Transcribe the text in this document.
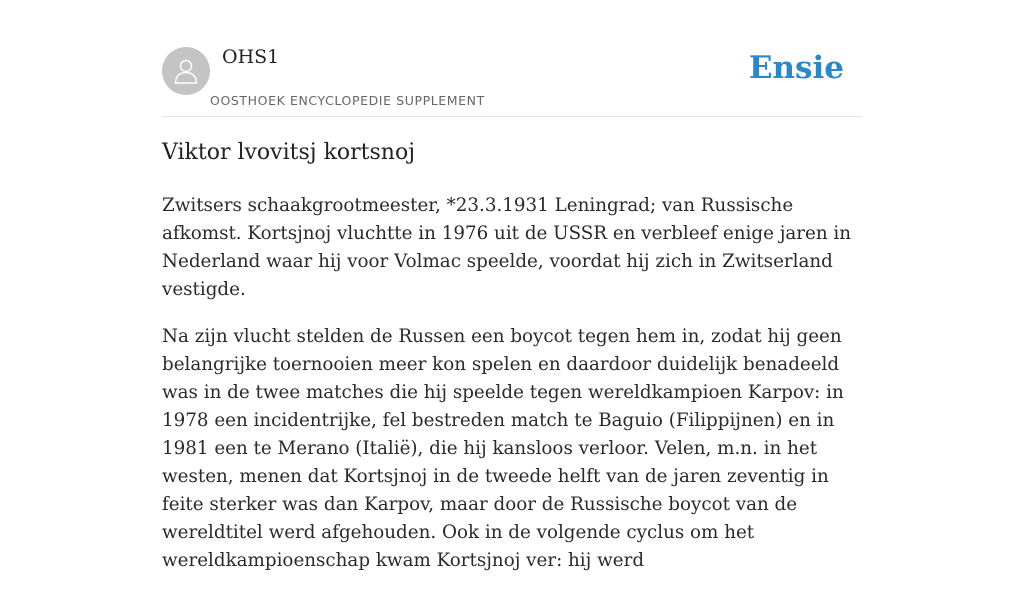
OHS1
OOSTHOEK ENCYCLOPEDIE SUPPLEMENT
Ensie
Viktor lvovitsj kortsnoj

Zwitsers schaakgrootmeester, *23.3.1931 Leningrad; van Russische afkomst. Kortsjnoj vluchtte in 1976 uit de USSR en verbleef enige jaren in Nederland waar hij voor Volmac speelde, voordat hij zich in Zwitserland vestigde.

Na zijn vlucht stelden de Russen een boycot tegen hem in, zodat hij geen belangrijke toernooien meer kon spelen en daardoor duidelijk benadeeld was in de twee matches die hij speelde tegen wereldkampioen Karpov: in 1978 een incidentrijke, fel bestreden match te Baguio (Filippijnen) en in 1981 een te Merano (Italië), die hij kansloos verloor. Velen, m.n. in het westen, menen dat Kortsjnoj in de tweede helft van de jaren zeventig in feite sterker was dan Karpov, maar door de Russische boycot van de wereldtitel werd afgehouden. Ook in de volgende cyclus om het wereldkampioenschap kwam Kortsjnoj ver: hij werd
